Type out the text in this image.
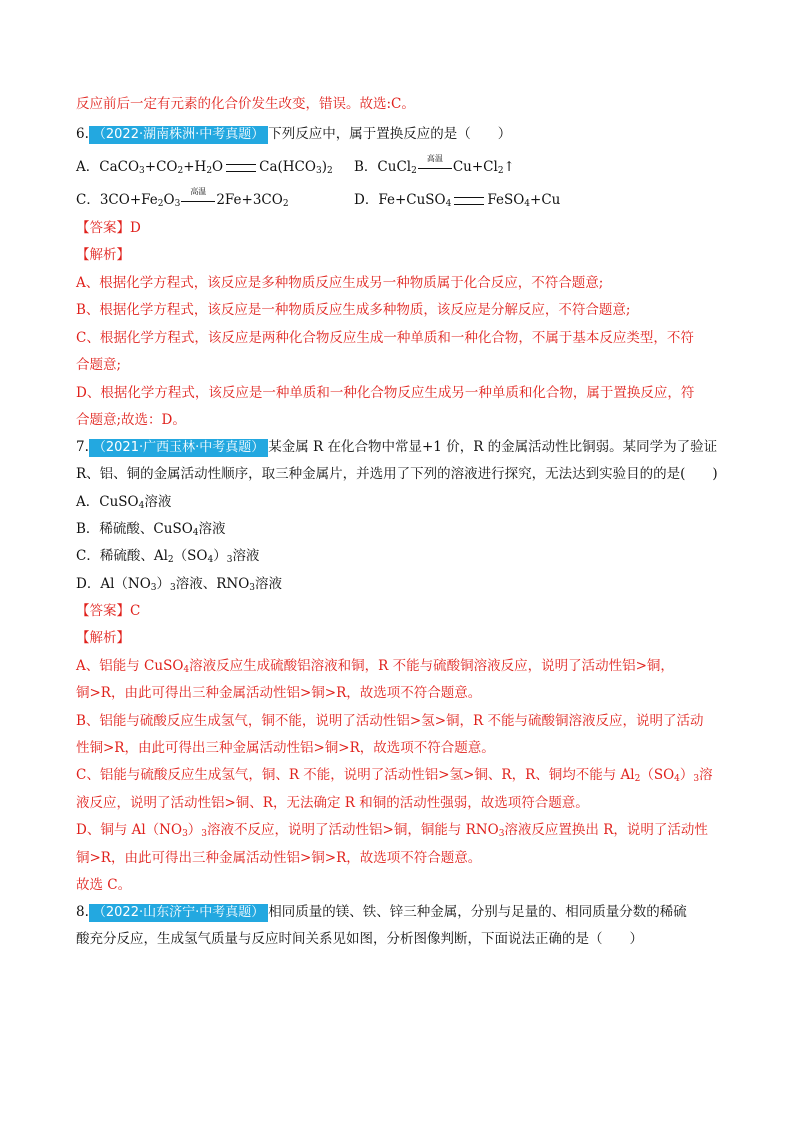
反应前后一定有元素的化合价发生改变，错误。故选:C。
6. （2022·湖南株洲·中考真题） 下列反应中，属于置换反应的是（　　）
A．$CaCO_3+CO_2+H_2O$	$Ca(HCO_3)_2$ B．CuCl$_2$
高温
$Cu+Cl_2↑$
C．$3CO+Fe_2O_3$
高温
$2Fe+3CO_2$	D．Fe+CuSO$_4$	FeSO$_4$+Cu
【答案】D
【解析】
A、根据化学方程式，该反应是多种物质反应生成另一种物质属于化合反应，不符合题意;
B、根据化学方程式，该反应是一种物质反应生成多种物质，该反应是分解反应，不符合题意;
C、根据化学方程式，该反应是两种化合物反应生成一种单质和一种化合物，不属于基本反应类型，不符
合题意;
D、根据化学方程式，该反应是一种单质和一种化合物反应生成另一种单质和化合物，属于置换反应，符
合题意;故选：D。
7. （2021·广西玉林·中考真题） 某金属 R 在化合物中常显+1 价，R 的金属活动性比铜弱。某同学为了验证
R、铝、铜的金属活动性顺序，取三种金属片，并选用了下列的溶液进行探究，无法达到实验目的的是(　　)
A．CuSO$_4$溶液
B．稀硫酸、CuSO$_4$溶液
C．稀硫酸、$Al_2(SO_4)_3$溶液
D．$Al(NO_3)_3$溶液、$RNO_3$溶液
【答案】C
【解析】
A、铝能与 CuSO$_4$溶液反应生成硫酸铝溶液和铜，R 不能与硫酸铜溶液反应，说明了活动性铝>铜，
铜>R，由此可得出三种金属活动性铝>铜>R，故选项不符合题意。
B、铝能与硫酸反应生成氢气，铜不能，说明了活动性铝>氢>铜，R 不能与硫酸铜溶液反应，说明了活动
性铜>R，由此可得出三种金属活动性铝>铜>R，故选项不符合题意。
C、铝能与硫酸反应生成氢气，铜、R 不能，说明了活动性铝>氢>铜、R，R、铜均不能与 $Al_2(SO_4)_3$溶
液反应，说明了活动性铝>铜、R，无法确定 R 和铜的活动性强弱，故选项符合题意。
D、铜与 $Al(NO_3)_3$溶液不反应，说明了活动性铝>铜，铜能与 $RNO_3$溶液反应置换出 R，说明了活动性
铜>R，由此可得出三种金属活动性铝>铜>R，故选项不符合题意。
故选 C。
8. （2022·山东济宁·中考真题） 相同质量的镁、铁、锌三种金属，分别与足量的、相同质量分数的稀硫
酸充分反应，生成氢气质量与反应时间关系见如图，分析图像判断，下面说法正确的是（　　）
